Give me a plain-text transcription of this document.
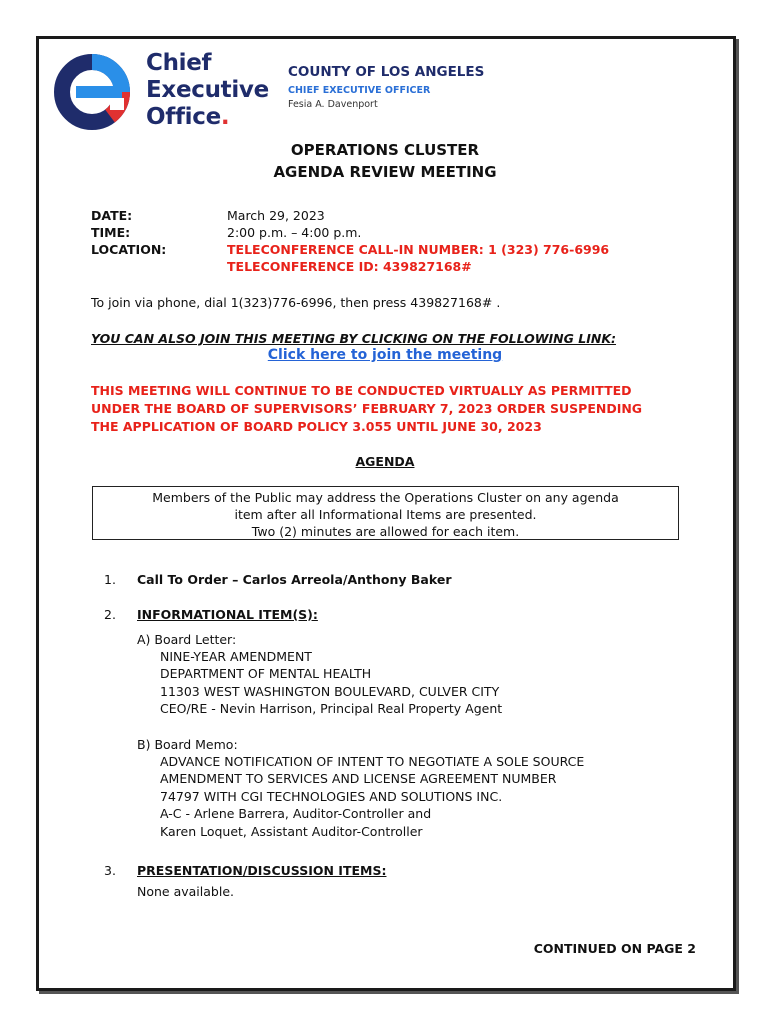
Chief
Executive
Office.
COUNTY OF LOS ANGELES
CHIEF EXECUTIVE OFFICER
Fesia A. Davenport
OPERATIONS CLUSTER
AGENDA REVIEW MEETING
DATE:	March 29, 2023
TIME:	2:00 p.m. – 4:00 p.m.
LOCATION:	TELECONFERENCE CALL-IN NUMBER: 1 (323) 776-6996
TELECONFERENCE ID: 439827168#
To join via phone, dial 1(323)776-6996, then press 439827168# .
YOU CAN ALSO JOIN THIS MEETING BY CLICKING ON THE FOLLOWING LINK:
Click here to join the meeting
THIS MEETING WILL CONTINUE TO BE CONDUCTED VIRTUALLY AS PERMITTED
UNDER THE BOARD OF SUPERVISORS’ FEBRUARY 7, 2023 ORDER SUSPENDING
THE APPLICATION OF BOARD POLICY 3.055 UNTIL JUNE 30, 2023
AGENDA
Members of the Public may address the Operations Cluster on any agenda
item after all Informational Items are presented.
Two (2) minutes are allowed for each item.
1. Call To Order – Carlos Arreola/Anthony Baker
2. INFORMATIONAL ITEM(S):
A) Board Letter:
NINE-YEAR AMENDMENT
DEPARTMENT OF MENTAL HEALTH
11303 WEST WASHINGTON BOULEVARD, CULVER CITY
CEO/RE - Nevin Harrison, Principal Real Property Agent
B) Board Memo:
ADVANCE NOTIFICATION OF INTENT TO NEGOTIATE A SOLE SOURCE
AMENDMENT TO SERVICES AND LICENSE AGREEMENT NUMBER
74797 WITH CGI TECHNOLOGIES AND SOLUTIONS INC.
A-C - Arlene Barrera, Auditor-Controller and
Karen Loquet, Assistant Auditor-Controller
3. PRESENTATION/DISCUSSION ITEMS:
None available.
CONTINUED ON PAGE 2
